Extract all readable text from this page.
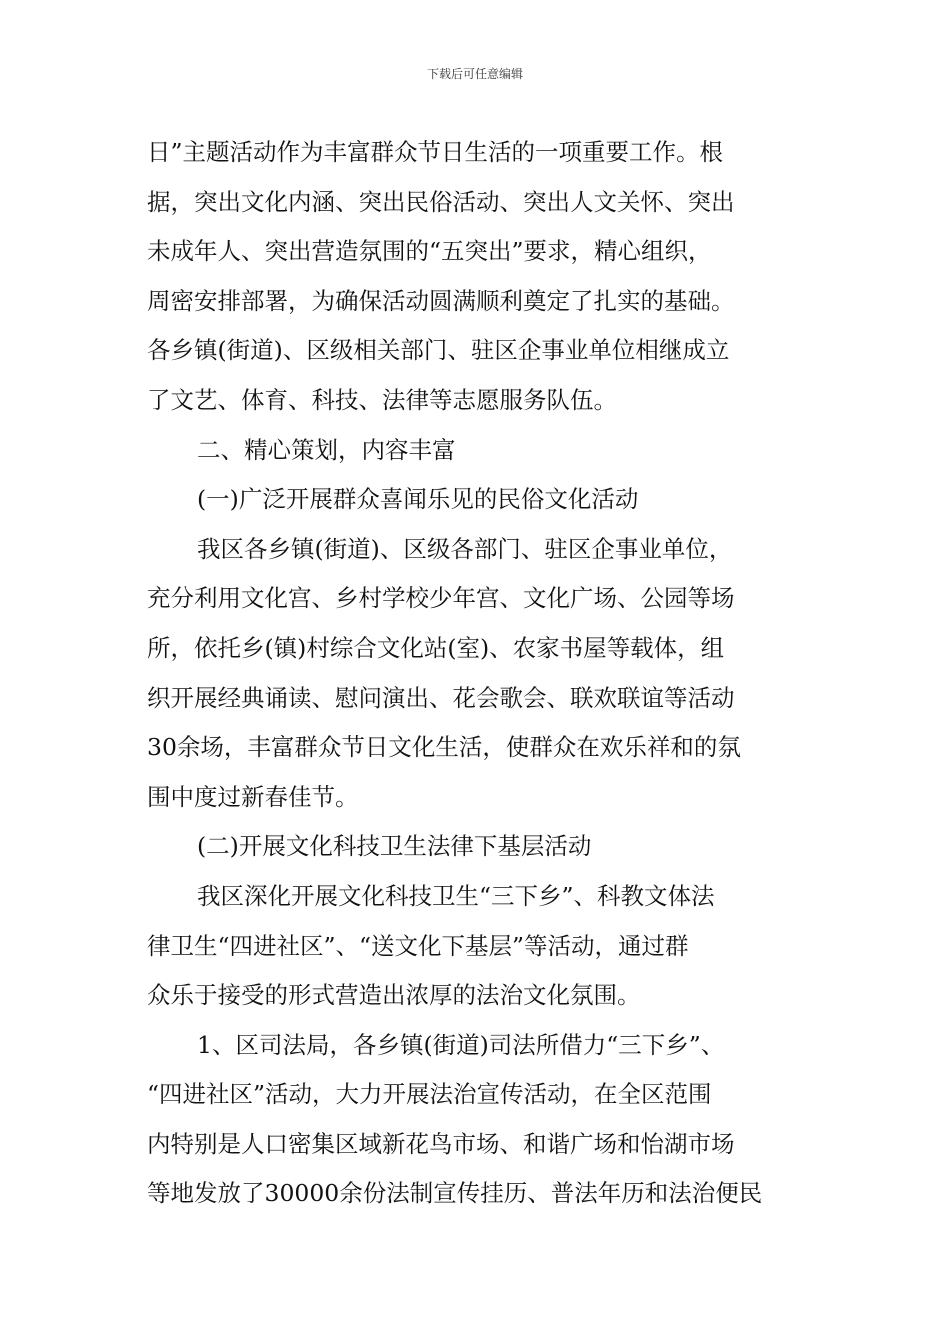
下载后可任意编辑
日”主题活动作为丰富群众节日生活的一项重要工作。根
据，突出文化内涵、突出民俗活动、突出人文关怀、突出
未成年人、突出营造氛围的“五突出”要求，精心组织，
周密安排部署，为确保活动圆满顺利奠定了扎实的基础。
各乡镇(街道)、区级相关部门、驻区企事业单位相继成立
了文艺、体育、科技、法律等志愿服务队伍。
二、精心策划，内容丰富
(一)广泛开展群众喜闻乐见的民俗文化活动
我区各乡镇(街道)、区级各部门、驻区企事业单位，
充分利用文化宫、乡村学校少年宫、文化广场、公园等场
所，依托乡(镇)村综合文化站(室)、农家书屋等载体，组
织开展经典诵读、慰问演出、花会歌会、联欢联谊等活动
30余场，丰富群众节日文化生活，使群众在欢乐祥和的氛
围中度过新春佳节。
(二)开展文化科技卫生法律下基层活动
我区深化开展文化科技卫生“三下乡”、科教文体法
律卫生“四进社区”、“送文化下基层”等活动，通过群
众乐于接受的形式营造出浓厚的法治文化氛围。
1、区司法局，各乡镇(街道)司法所借力“三下乡”、
“四进社区”活动，大力开展法治宣传活动，在全区范围
内特别是人口密集区域新花鸟市场、和谐广场和怡湖市场
等地发放了30000余份法制宣传挂历、普法年历和法治便民
